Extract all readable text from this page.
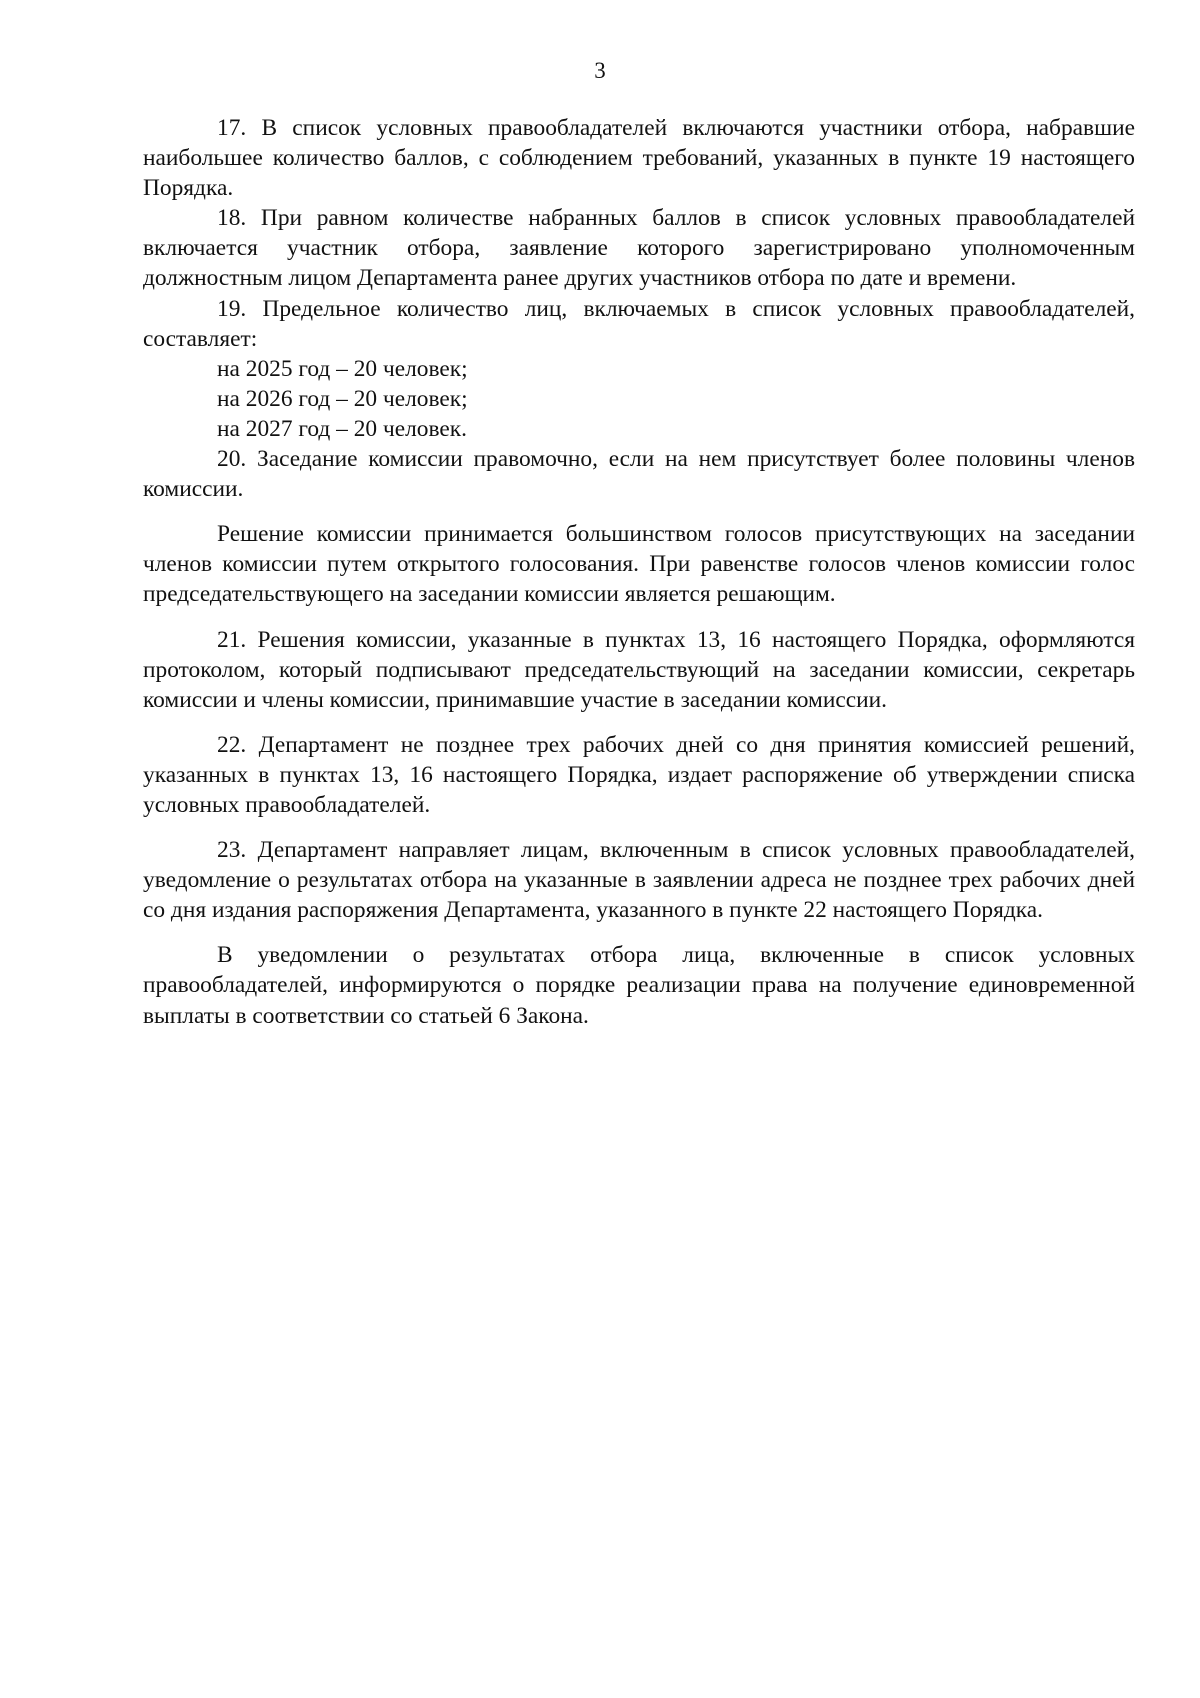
3

17. В список условных правообладателей включаются участники отбора, набравшие наибольшее количество баллов, с соблюдением требований, указанных в пункте 19 настоящего Порядка.

18. При равном количестве набранных баллов в список условных правообладателей включается участник отбора, заявление которого зарегистрировано уполномоченным должностным лицом Департамента ранее других участников отбора по дате и времени.

19. Предельное количество лиц, включаемых в список условных правообладателей, составляет:

на 2025 год – 20 человек;

на 2026 год – 20 человек;

на 2027 год – 20 человек.

20. Заседание комиссии правомочно, если на нем присутствует более половины членов комиссии.

Решение комиссии принимается большинством голосов присутствующих на заседании членов комиссии путем открытого голосования. При равенстве голосов членов комиссии голос председательствующего на заседании комиссии является решающим.

21. Решения комиссии, указанные в пунктах 13, 16 настоящего Порядка, оформляются протоколом, который подписывают председательствующий на заседании комиссии, секретарь комиссии и члены комиссии, принимавшие участие в заседании комиссии.

22. Департамент не позднее трех рабочих дней со дня принятия комиссией решений, указанных в пунктах 13, 16 настоящего Порядка, издает распоряжение об утверждении списка условных правообладателей.

23. Департамент направляет лицам, включенным в список условных правообладателей, уведомление о результатах отбора на указанные в заявлении адреса не позднее трех рабочих дней со дня издания распоряжения Департамента, указанного в пункте 22 настоящего Порядка.

В уведомлении о результатах отбора лица, включенные в список условных правообладателей, информируются о порядке реализации права на получение единовременной выплаты в соответствии со статьей 6 Закона.
